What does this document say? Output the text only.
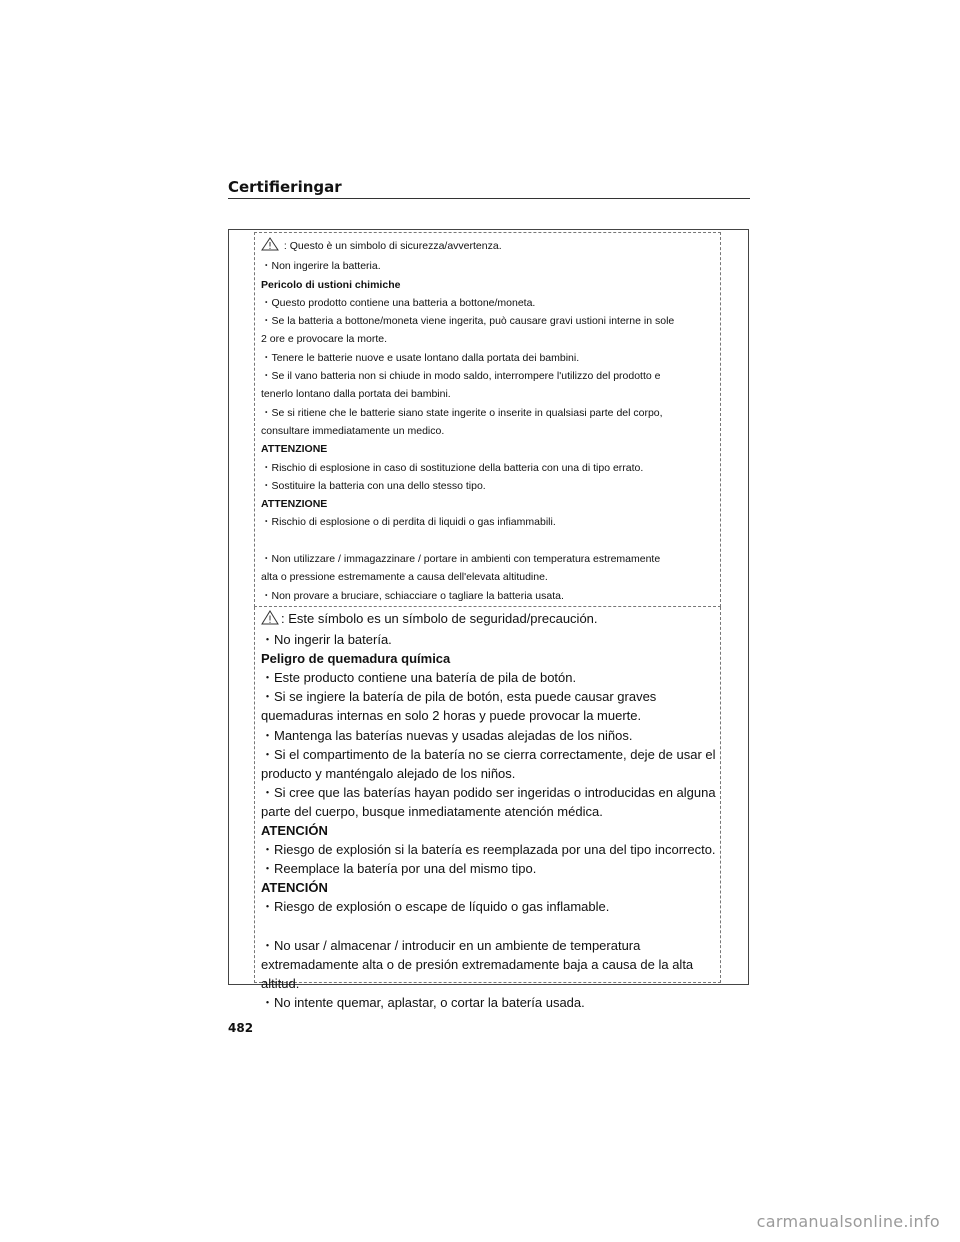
Certifieringar

: Questo è un simbolo di sicurezza/avvertenza.

・Non ingerire la batteria.

Pericolo di ustioni chimiche

・Questo prodotto contiene una batteria a bottone/moneta.

・Se la batteria a bottone/moneta viene ingerita, può causare gravi ustioni interne in sole

2 ore e provocare la morte.

・Tenere le batterie nuove e usate lontano dalla portata dei bambini.

・Se il vano batteria non si chiude in modo saldo, interrompere l'utilizzo del prodotto e

tenerlo lontano dalla portata dei bambini.

・Se si ritiene che le batterie siano state ingerite o inserite in qualsiasi parte del corpo,

consultare immediatamente un medico.

ATTENZIONE

・Rischio di esplosione in caso di sostituzione della batteria con una di tipo errato.

・Sostituire la batteria con una dello stesso tipo.

ATTENZIONE

・Rischio di esplosione o di perdita di liquidi o gas infiammabili.

・Non utilizzare / immagazzinare / portare in ambienti con temperatura estremamente

alta o pressione estremamente a causa dell'elevata altitudine.

・Non provare a bruciare, schiacciare o tagliare la batteria usata.

: Este símbolo es un símbolo de seguridad/precaución.

・No ingerir la batería.

Peligro de quemadura química

・Este producto contiene una batería de pila de botón.

・Si se ingiere la batería de pila de botón, esta puede causar graves

quemaduras internas en solo 2 horas y puede provocar la muerte.

・Mantenga las baterías nuevas y usadas alejadas de los niños.

・Si el compartimento de la batería no se cierra correctamente, deje de usar el

producto y manténgalo alejado de los niños.

・Si cree que las baterías hayan podido ser ingeridas o introducidas en alguna

parte del cuerpo, busque inmediatamente atención médica.

ATENCIÓN

・Riesgo de explosión si la batería es reemplazada por una del tipo incorrecto.

・Reemplace la batería por una del mismo tipo.

ATENCIÓN

・Riesgo de explosión o escape de líquido o gas inflamable.

・No usar / almacenar / introducir en un ambiente de temperatura

extremadamente alta o de presión extremadamente baja a causa de la alta

altitud.

・No intente quemar, aplastar, o cortar la batería usada.

482
carmanualsonline.info
